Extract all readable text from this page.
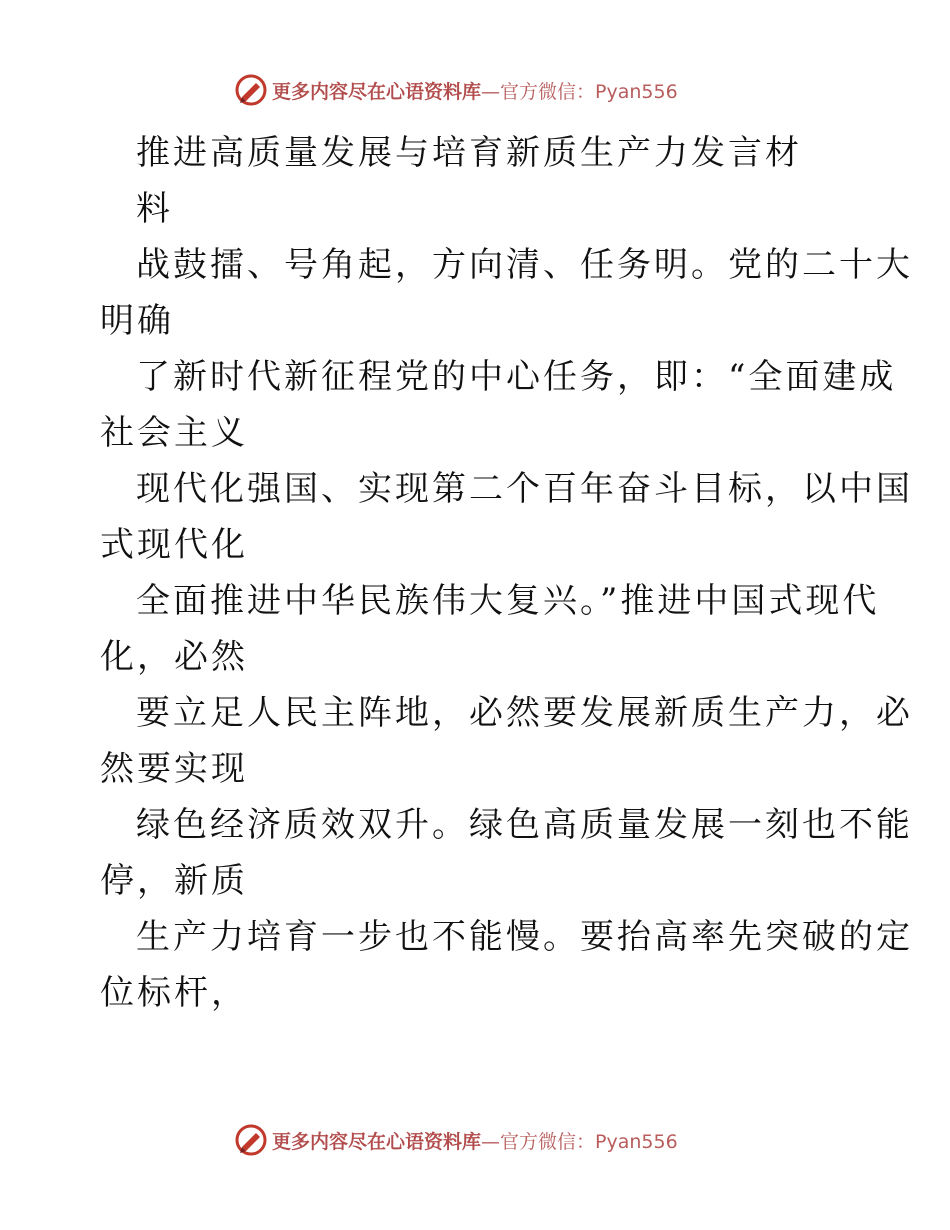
更多内容尽在心语资料库—官方微信：Pyan556
推进高质量发展与培育新质生产力发言材
料
战鼓擂、号角起，方向清、任务明。党的二十大
明确
了新时代新征程党的中心任务，即：“全面建成
社会主义
现代化强国、实现第二个百年奋斗目标，以中国
式现代化
全面推进中华民族伟大复兴。”推进中国式现代
化，必然
要立足人民主阵地，必然要发展新质生产力，必
然要实现
绿色经济质效双升。绿色高质量发展一刻也不能
停，新质
生产力培育一步也不能慢。要抬高率先突破的定
位标杆，
更多内容尽在心语资料库—官方微信：Pyan556
